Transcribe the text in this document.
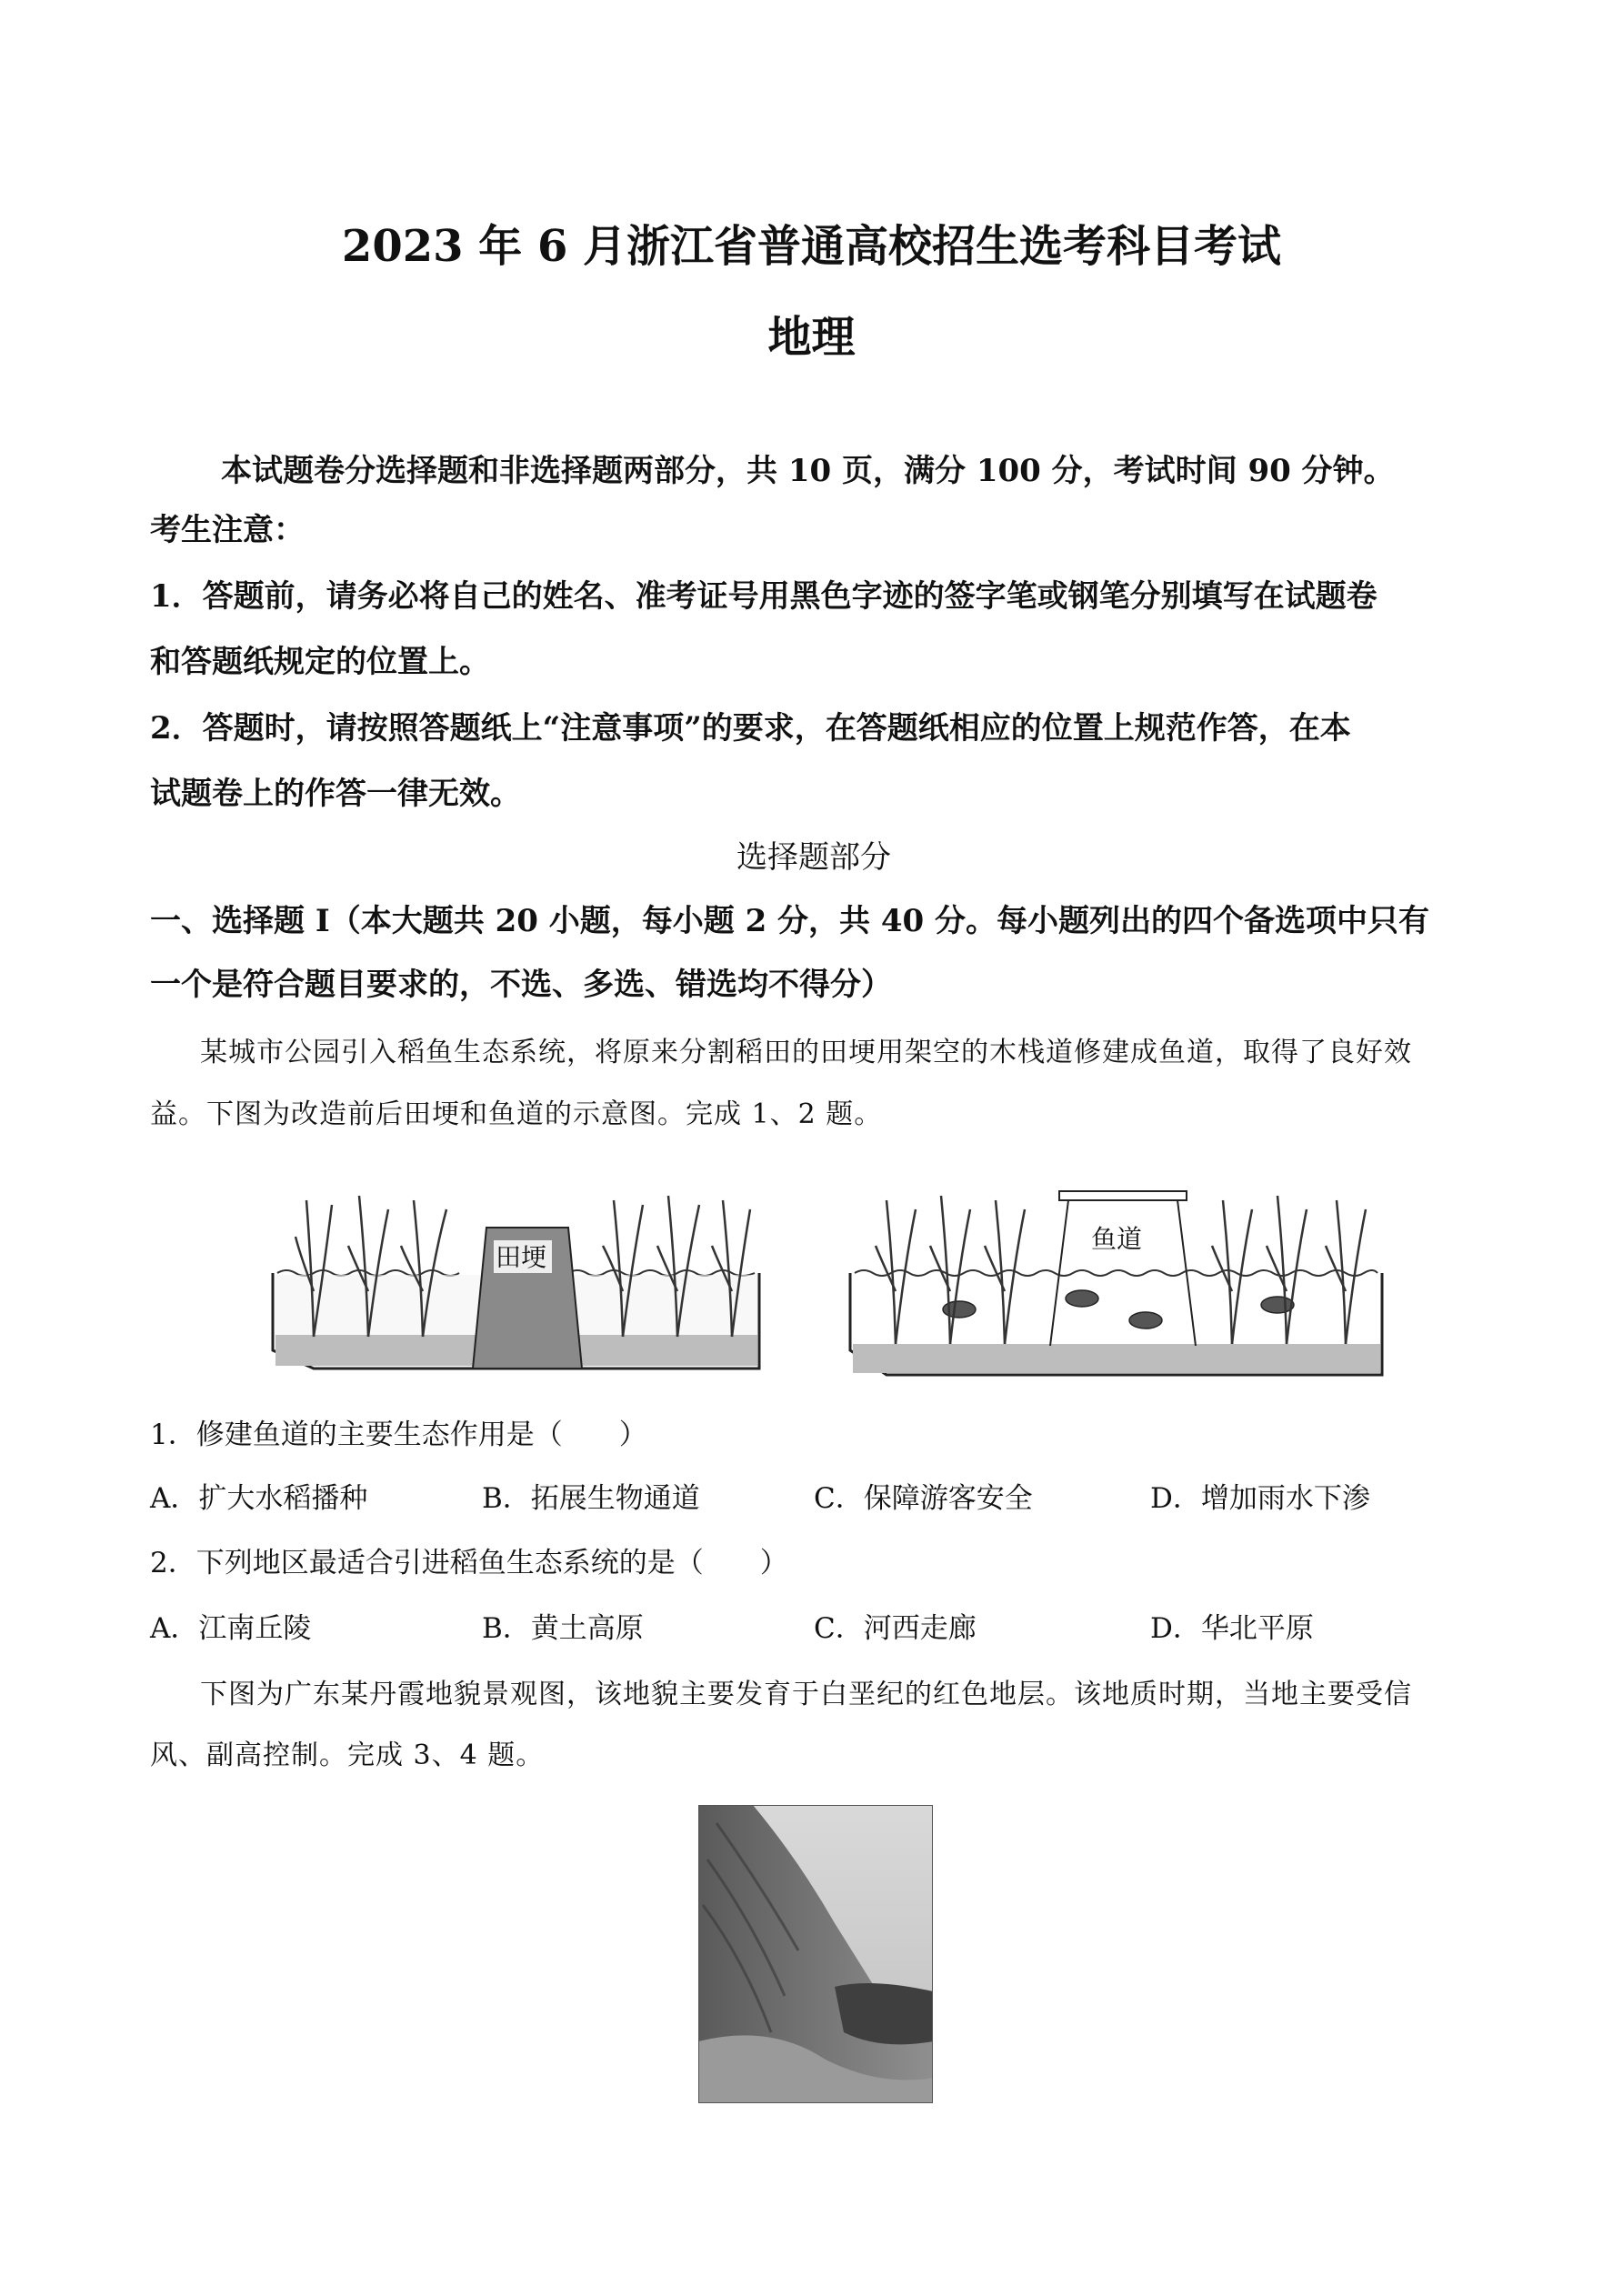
2023 年 6 月浙江省普通高校招生选考科目考试
地理

本试题卷分选择题和非选择题两部分，共 10 页，满分 100 分，考试时间 90 分钟。

考生注意：

1．答题前，请务必将自己的姓名、准考证号用黑色字迹的签字笔或钢笔分别填写在试题卷

和答题纸规定的位置上。

2．答题时，请按照答题纸上“注意事项”的要求，在答题纸相应的位置上规范作答，在本

试题卷上的作答一律无效。

选择题部分

一、选择题 I（本大题共 20 小题，每小题 2 分，共 40 分。每小题列出的四个备选项中只有

一个是符合题目要求的，不选、多选、错选均不得分）

某城市公园引入稻鱼生态系统，将原来分割稻田的田埂用架空的木栈道修建成鱼道，取得了良好效

益。下图为改造前后田埂和鱼道的示意图。完成 1、2 题。

田埂
鱼道

1．修建鱼道的主要生态作用是（　　）

A．扩大水稻播种	B．拓展生物通道	C．保障游客安全	D．增加雨水下渗

2．下列地区最适合引进稻鱼生态系统的是（　　）

A．江南丘陵	B．黄土高原	C．河西走廊	D．华北平原

下图为广东某丹霞地貌景观图，该地貌主要发育于白垩纪的红色地层。该地质时期，当地主要受信

风、副高控制。完成 3、4 题。
